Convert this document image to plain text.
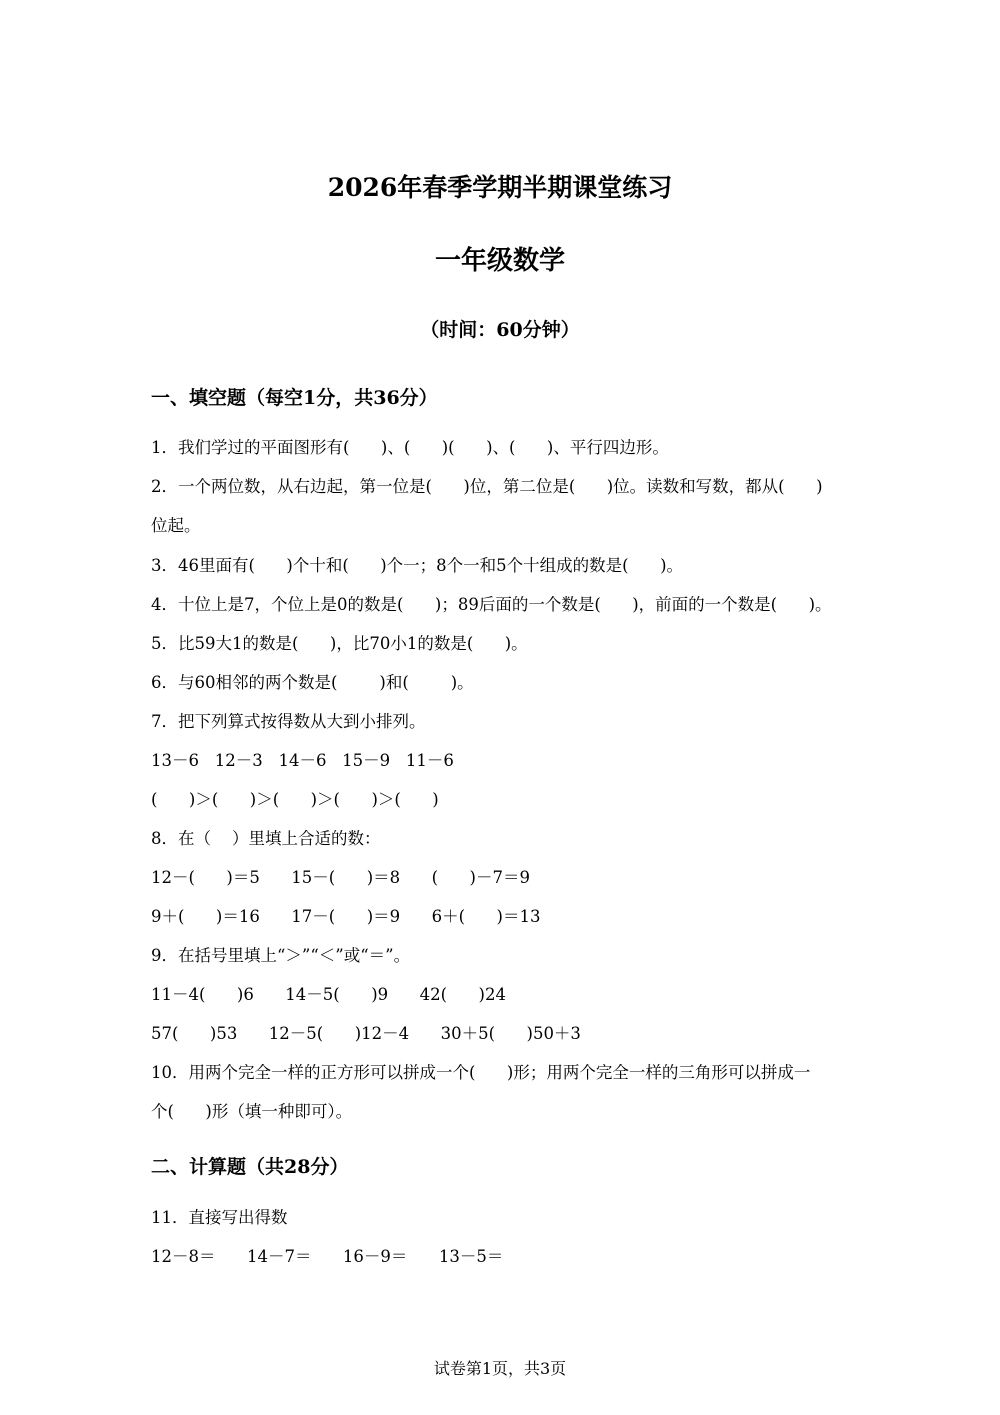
2026年春季学期半期课堂练习
一年级数学
（时间：60分钟）
一、填空题（每空1分，共36分）
1．我们学过的平面图形有(      )、(      )(      )、(      )、平行四边形。
2．一个两位数，从右边起，第一位是(      )位，第二位是(      )位。读数和写数，都从(      )
位起。
3．46里面有(      )个十和(      )个一；8个一和5个十组成的数是(      )。
4．十位上是7，个位上是0的数是(      )；89后面的一个数是(      )，前面的一个数是(      )。
5．比59大1的数是(      )，比70小1的数是(      )。
6．与60相邻的两个数是(        )和(        )。
7．把下列算式按得数从大到小排列。
13－6   12－3   14－6   15－9   11－6
(      )＞(      )＞(      )＞(      )＞(      )
8．在（    ）里填上合适的数：
12－(      )＝5      15－(      )＝8      (      )－7＝9
9＋(      )＝16      17－(      )＝9      6＋(      )＝13
9．在括号里填上“＞”“＜”或“＝”。
11－4(      )6      14－5(      )9      42(      )24
57(      )53      12－5(      )12－4      30＋5(      )50＋3
10．用两个完全一样的正方形可以拼成一个(      )形；用两个完全一样的三角形可以拼成一
个(      )形（填一种即可）。
二、计算题（共28分）
11．直接写出得数
12－8＝      14－7＝      16－9＝      13－5＝
试卷第1页，共3页
